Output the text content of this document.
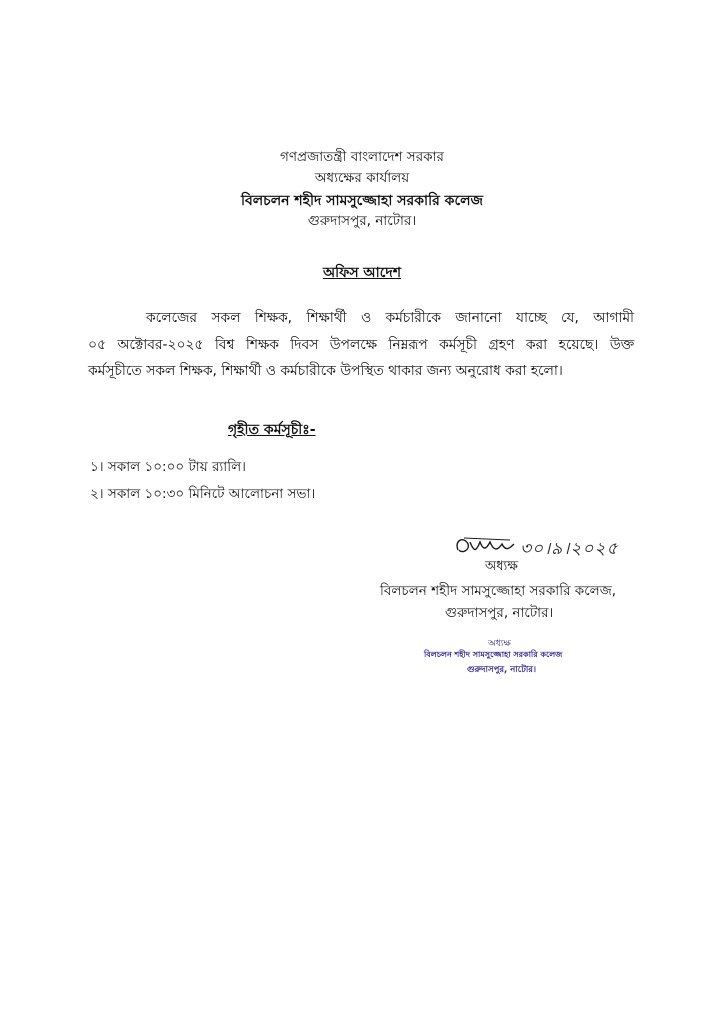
গণপ্রজাতন্ত্রী বাংলাদেশ সরকার
অধ্যক্ষের কার্যালয়
বিলচলন শহীদ সামসুজ্জোহা সরকারি কলেজ
গুরুদাসপুর, নাটোর।
অফিস আদেশ

কলেজের সকল শিক্ষক, শিক্ষার্থী ও কর্মচারীকে জানানো যাচ্ছে যে, আগামী

০৫ অক্টোবর-২০২৫ বিশ্ব শিক্ষক দিবস উপলক্ষে নিম্নরূপ কর্মসূচী গ্রহণ করা হয়েছে। উক্ত

কর্মসূচীতে সকল শিক্ষক, শিক্ষার্থী ও কর্মচারীকে উপস্থিত থাকার জন্য অনুরোধ করা হলো।

গৃহীত কর্মসূচীঃ-
১। সকাল ১০:০০ টায় র‍্যালি।
২। সকাল ১০:৩০ মিনিটে আলোচনা সভা।
৩০।৯।২০২৫
অধ্যক্ষ
বিলচলন শহীদ সামসুজ্জোহা সরকারি কলেজ,
গুরুদাসপুর, নাটোর।
অধ্যক্ষ
বিলচলন শহীদ সামসুজ্জোহা সরকারি কলেজ
গুরুদাসপুর, নাটোর।
